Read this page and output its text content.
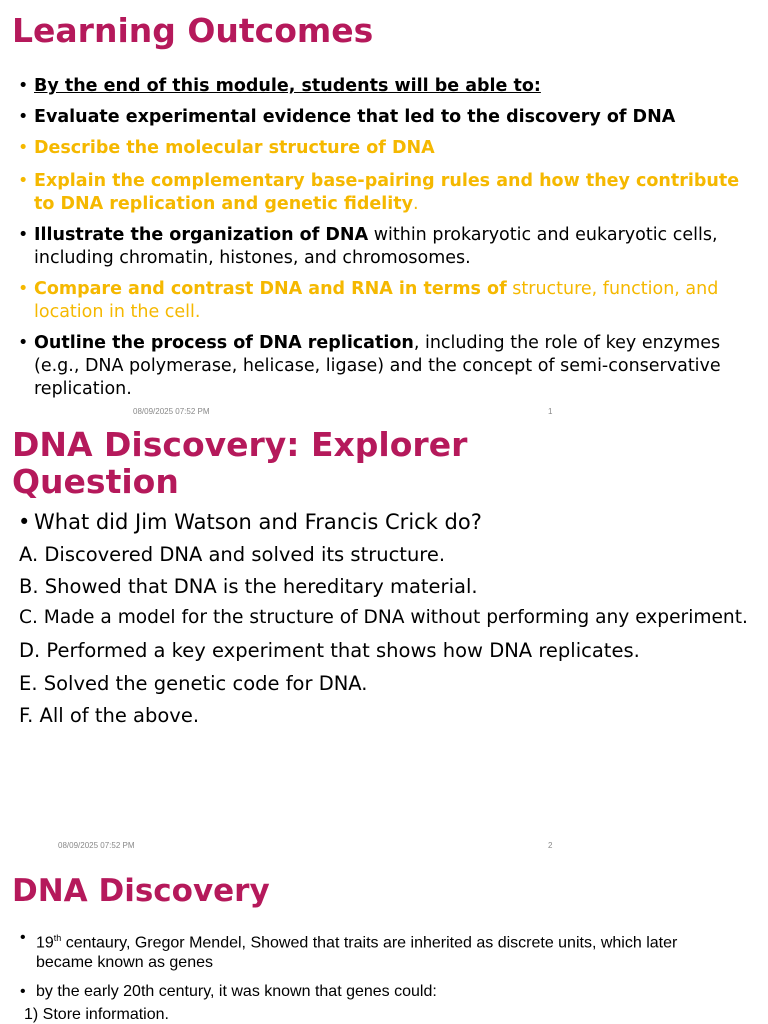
Learning Outcomes
• By the end of this module, students will be able to:
• Evaluate experimental evidence that led to the discovery of DNA
• Describe the molecular structure of DNA
• Explain the complementary base-pairing rules and how they contribute to DNA replication and genetic fidelity.
• Illustrate the organization of DNA within prokaryotic and eukaryotic cells, including chromatin, histones, and chromosomes.
• Compare and contrast DNA and RNA in terms of structure, function, and location in the cell.
• Outline the process of DNA replication, including the role of key enzymes (e.g., DNA polymerase, helicase, ligase) and the concept of semi-conservative replication.
08/09/2025 07:52 PM	1
DNA Discovery: Explorer Question
• What did Jim Watson and Francis Crick do?
A. Discovered DNA and solved its structure.
B. Showed that DNA is the hereditary material.
C. Made a model for the structure of DNA without performing any experiment.
D. Performed a key experiment that shows how DNA replicates.
E. Solved the genetic code for DNA.
F. All of the above.
08/09/2025 07:52 PM	2
DNA Discovery
• 19th centaury, Gregor Mendel, Showed that traits are inherited as discrete units, which later became known as genes
• by the early 20th century, it was known that genes could:
1) Store information.
